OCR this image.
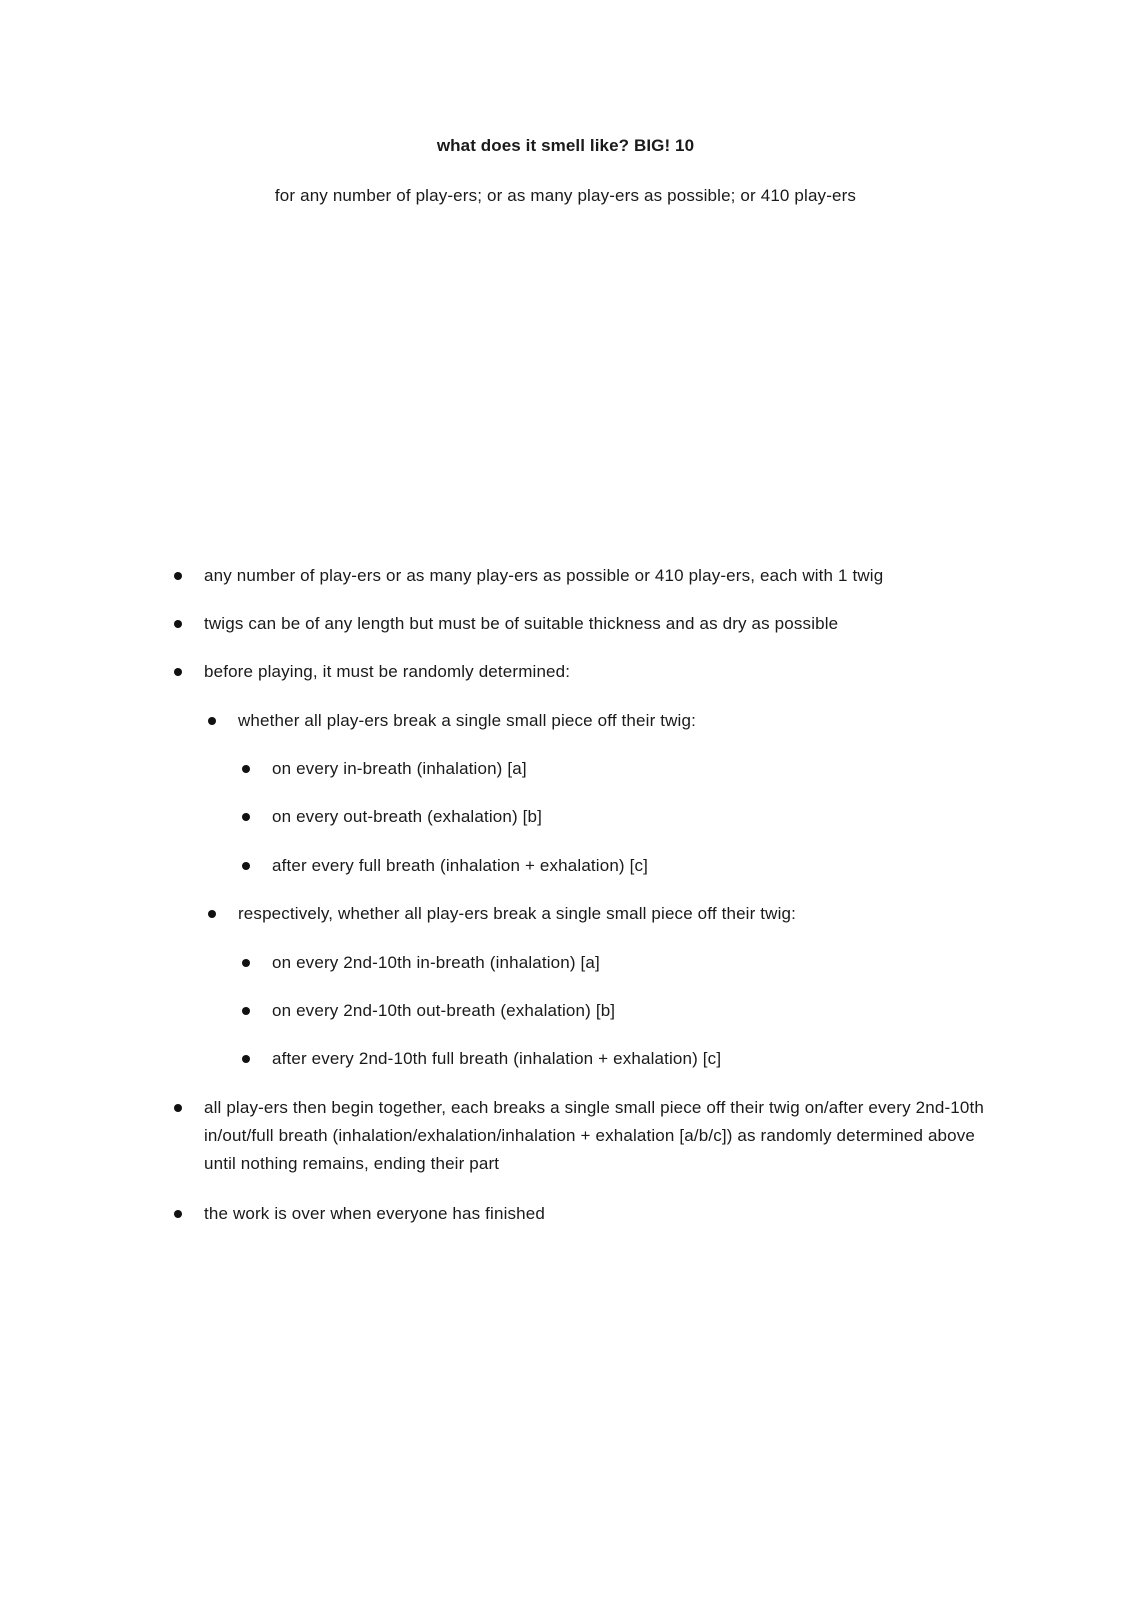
what does it smell like? BIG! 10
for any number of play-ers; or as many play-ers as possible; or 410 play-ers
any number of play-ers or as many play-ers as possible or 410 play-ers, each with 1 twig
twigs can be of any length but must be of suitable thickness and as dry as possible
before playing, it must be randomly determined:
whether all play-ers break a single small piece off their twig:
on every in-breath (inhalation) [a]
on every out-breath (exhalation) [b]
after every full breath (inhalation + exhalation) [c]
respectively, whether all play-ers break a single small piece off their twig:
on every 2nd-10th in-breath (inhalation) [a]
on every 2nd-10th out-breath (exhalation) [b]
after every 2nd-10th full breath (inhalation + exhalation) [c]
all play-ers then begin together, each breaks a single small piece off their twig on/after every 2nd-10th in/out/full breath (inhalation/exhalation/inhalation + exhalation [a/b/c]) as randomly determined above until nothing remains, ending their part
the work is over when everyone has finished
